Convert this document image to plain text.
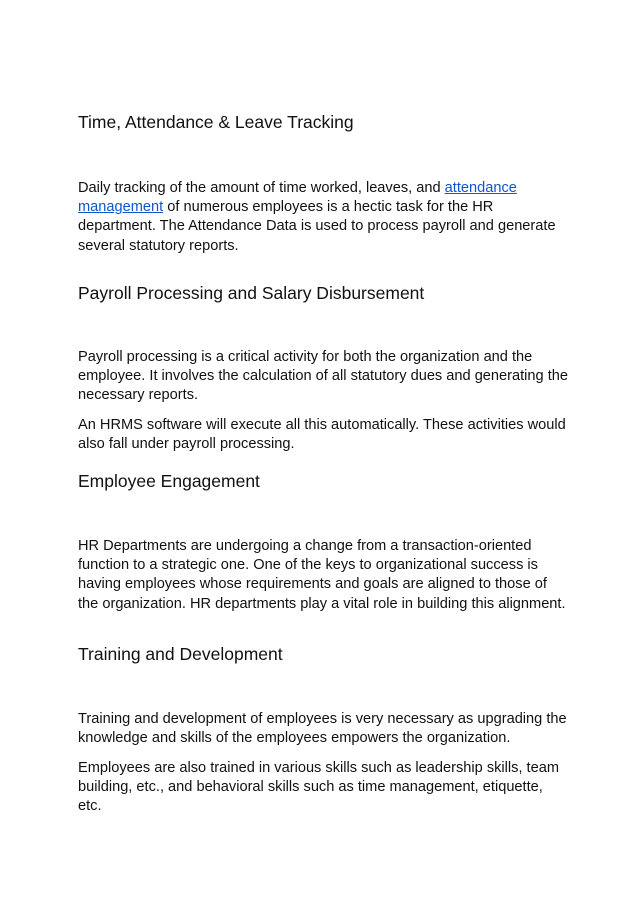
Time, Attendance & Leave Tracking
Daily tracking of the amount of time worked, leaves, and attendance management of numerous employees is a hectic task for the HR department. The Attendance Data is used to process payroll and generate several statutory reports.
Payroll Processing and Salary Disbursement
Payroll processing is a critical activity for both the organization and the employee. It involves the calculation of all statutory dues and generating the necessary reports.
An HRMS software will execute all this automatically. These activities would also fall under payroll processing.
Employee Engagement
HR Departments are undergoing a change from a transaction-oriented function to a strategic one. One of the keys to organizational success is having employees whose requirements and goals are aligned to those of the organization. HR departments play a vital role in building this alignment.
Training and Development
Training and development of employees is very necessary as upgrading the knowledge and skills of the employees empowers the organization.
Employees are also trained in various skills such as leadership skills, team building, etc., and behavioral skills such as time management, etiquette, etc.
